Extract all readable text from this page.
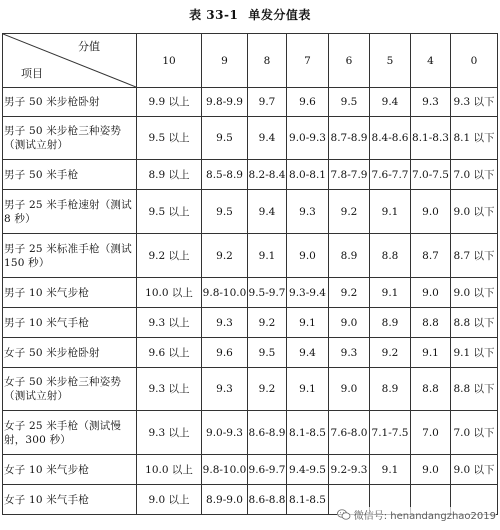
表 33-1 单发分值表
分值
项目	10	9	8	7	6	5	4	0
男子 50 米步枪卧射	9.9 以上	9.8-9.9	9.7	9.6	9.5	9.4	9.3	9.3 以下
男子 50 米步枪三种姿势（测试立射）	9.5 以上	9.5	9.4	9.0-9.3	8.7-8.9	8.4-8.6	8.1-8.3	8.1 以下
男子 50 米手枪	8.9 以上	8.5-8.9	8.2-8.4	8.0-8.1	7.8-7.9	7.6-7.7	7.0-7.5	7.0 以下
男子 25 米手枪速射（测试 8 秒）	9.5 以上	9.5	9.4	9.3	9.2	9.1	9.0	9.0 以下
男子 25 米标准手枪（测试 150 秒）	9.2 以上	9.2	9.1	9.0	8.9	8.8	8.7	8.7 以下
男子 10 米气步枪	10.0 以上	9.8-10.0	9.5-9.7	9.3-9.4	9.2	9.1	9.0	9.0 以下
男子 10 米气手枪	9.3 以上	9.3	9.2	9.1	9.0	8.9	8.8	8.8 以下
女子 50 米步枪卧射	9.6 以上	9.6	9.5	9.4	9.3	9.2	9.1	9.1 以下
女子 50 米步枪三种姿势（测试立射）	9.3 以上	9.3	9.2	9.1	9.0	8.9	8.8	8.8 以下
女子 25 米手枪（测试慢射，300 秒）	9.3 以上	9.0-9.3	8.6-8.9	8.1-8.5	7.6-8.0	7.1-7.5	7.0	7.0 以下
女子 10 米气步枪	10.0 以上	9.8-10.0	9.6-9.7	9.4-9.5	9.2-9.3	9.1	9.0	9.0 以下
女子 10 米气手枪	9.0 以上	8.9-9.0	8.6-8.8	8.1-8.5				
微信号: henandangzhao2019
